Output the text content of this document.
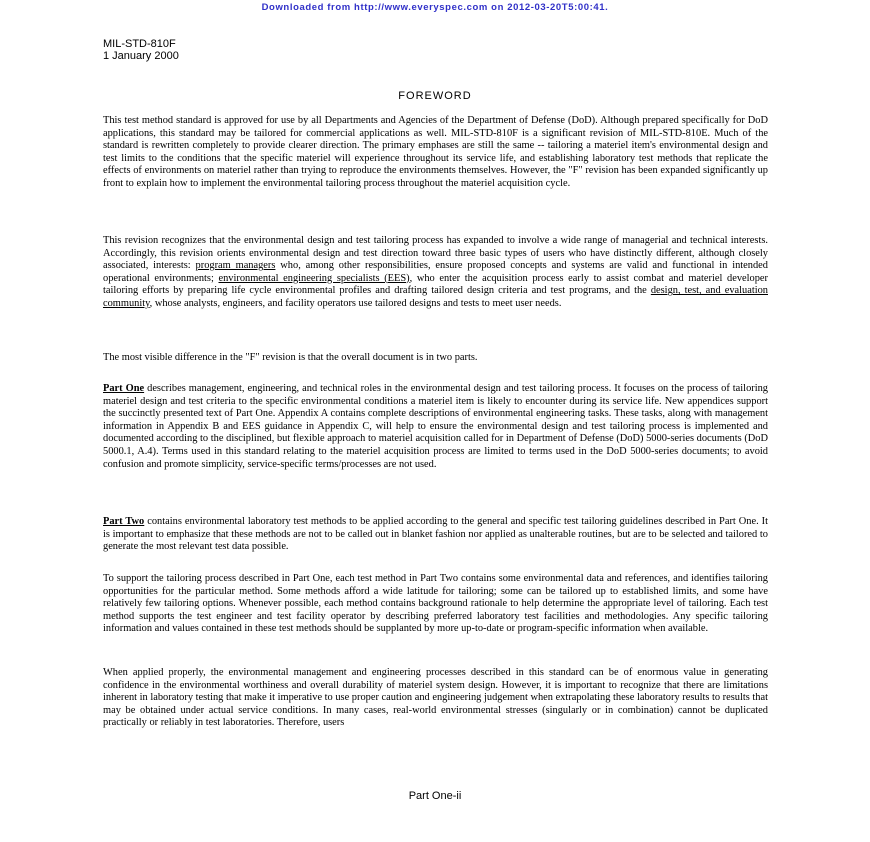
Downloaded from http://www.everyspec.com on 2012-03-20T5:00:41.
MIL-STD-810F
1 January 2000
FOREWORD

This test method standard is approved for use by all Departments and Agencies of the Department of Defense (DoD). Although prepared specifically for DoD applications, this standard may be tailored for commercial applications as well. MIL-STD-810F is a significant revision of MIL-STD-810E. Much of the standard is rewritten completely to provide clearer direction. The primary emphases are still the same -- tailoring a materiel item's environmental design and test limits to the conditions that the specific materiel will experience throughout its service life, and establishing laboratory test methods that replicate the effects of environments on materiel rather than trying to reproduce the environments themselves. However, the "F" revision has been expanded significantly up front to explain how to implement the environmental tailoring process throughout the materiel acquisition cycle.

This revision recognizes that the environmental design and test tailoring process has expanded to involve a wide range of managerial and technical interests. Accordingly, this revision orients environmental design and test direction toward three basic types of users who have distinctly different, although closely associated, interests: program managers who, among other responsibilities, ensure proposed concepts and systems are valid and functional in intended operational environments; environmental engineering specialists (EES), who enter the acquisition process early to assist combat and materiel developer tailoring efforts by preparing life cycle environmental profiles and drafting tailored design criteria and test programs, and the design, test, and evaluation community, whose analysts, engineers, and facility operators use tailored designs and tests to meet user needs.

The most visible difference in the "F" revision is that the overall document is in two parts.

Part One describes management, engineering, and technical roles in the environmental design and test tailoring process. It focuses on the process of tailoring materiel design and test criteria to the specific environmental conditions a materiel item is likely to encounter during its service life. New appendices support the succinctly presented text of Part One. Appendix A contains complete descriptions of environmental engineering tasks. These tasks, along with management information in Appendix B and EES guidance in Appendix C, will help to ensure the environmental design and test tailoring process is implemented and documented according to the disciplined, but flexible approach to materiel acquisition called for in Department of Defense (DoD) 5000-series documents (DoD 5000.1, A.4). Terms used in this standard relating to the materiel acquisition process are limited to terms used in the DoD 5000-series documents; to avoid confusion and promote simplicity, service-specific terms/processes are not used.

Part Two contains environmental laboratory test methods to be applied according to the general and specific test tailoring guidelines described in Part One. It is important to emphasize that these methods are not to be called out in blanket fashion nor applied as unalterable routines, but are to be selected and tailored to generate the most relevant test data possible.

To support the tailoring process described in Part One, each test method in Part Two contains some environmental data and references, and identifies tailoring opportunities for the particular method. Some methods afford a wide latitude for tailoring; some can be tailored up to established limits, and some have relatively few tailoring options. Whenever possible, each method contains background rationale to help determine the appropriate level of tailoring. Each test method supports the test engineer and test facility operator by describing preferred laboratory test facilities and methodologies. Any specific tailoring information and values contained in these test methods should be supplanted by more up-to-date or program-specific information when available.

When applied properly, the environmental management and engineering processes described in this standard can be of enormous value in generating confidence in the environmental worthiness and overall durability of materiel system design. However, it is important to recognize that there are limitations inherent in laboratory testing that make it imperative to use proper caution and engineering judgement when extrapolating these laboratory results to results that may be obtained under actual service conditions. In many cases, real-world environmental stresses (singularly or in combination) cannot be duplicated practically or reliably in test laboratories. Therefore, users

Part One-ii
